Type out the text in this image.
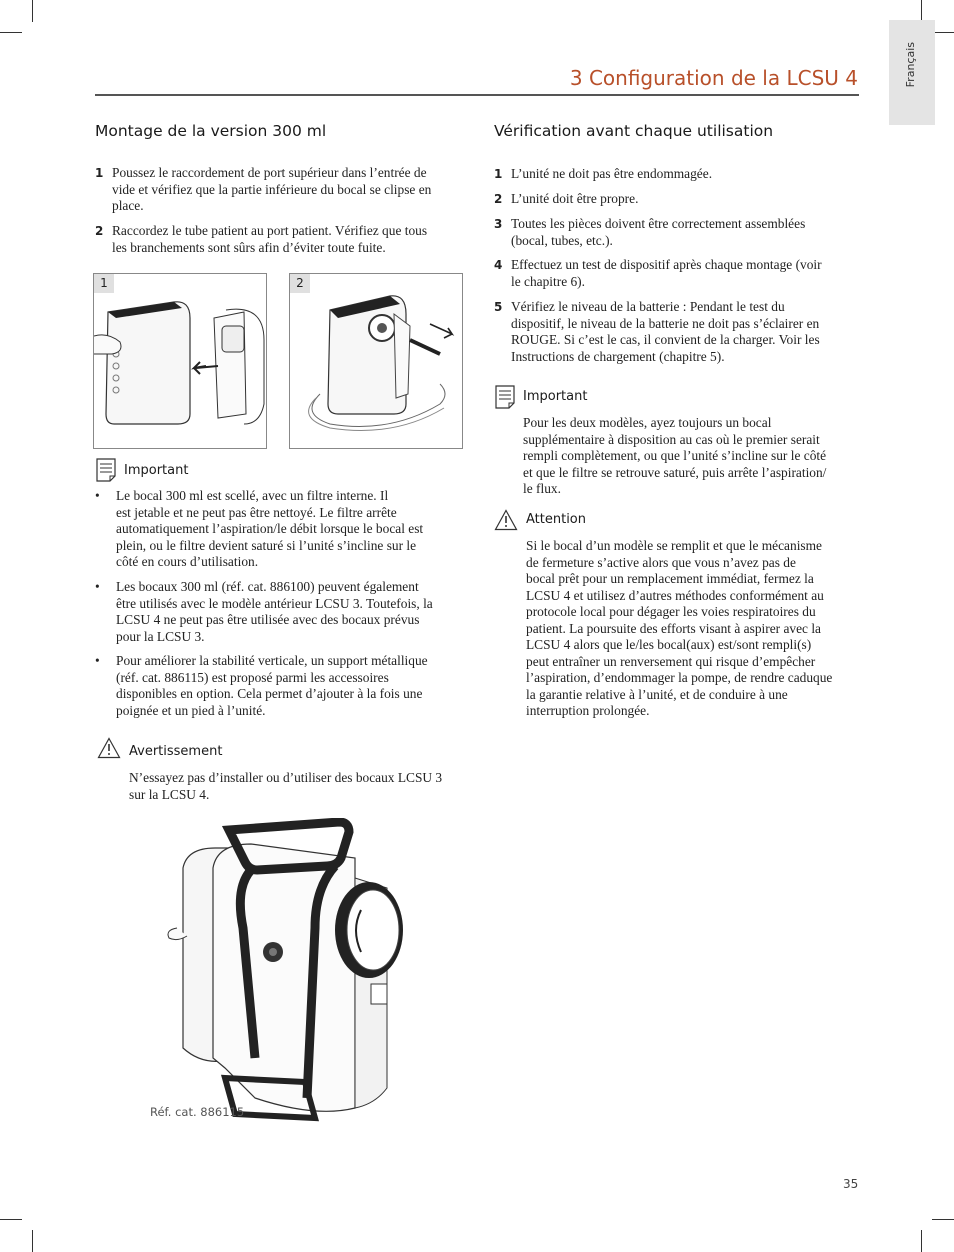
Français
3 Configuration de la LCSU 4
Montage de la version 300 ml
1 Poussez le raccordement de port supérieur dans l’entrée de
vide et vérifiez que la partie inférieure du bocal se clipse en
place.
2 Raccordez le tube patient au port patient. Vérifiez que tous
les branchements sont sûrs afin d’éviter toute fuite.
1	2
Important
• Le bocal 300 ml est scellé, avec un filtre interne. Il
est jetable et ne peut pas être nettoyé. Le filtre arrête
automatiquement l’aspiration/le débit lorsque le bocal est
plein, ou le filtre devient saturé si l’unité s’incline sur le
côté en cours d’utilisation.
• Les bocaux 300 ml (réf. cat. 886100) peuvent également
être utilisés avec le modèle antérieur LCSU 3. Toutefois, la
LCSU 4 ne peut pas être utilisée avec des bocaux prévus
pour la LCSU 3.
• Pour améliorer la stabilité verticale, un support métallique
(réf. cat. 886115) est proposé parmi les accessoires
disponibles en option. Cela permet d’ajouter à la fois une
poignée et un pied à l’unité.
Avertissement
N’essayez pas d’installer ou d’utiliser des bocaux LCSU 3
sur la LCSU 4.
Réf. cat. 886115
Vérification avant chaque utilisation
1 L’unité ne doit pas être endommagée.
2 L’unité doit être propre.
3 Toutes les pièces doivent être correctement assemblées
(bocal, tubes, etc.).
4 Effectuez un test de dispositif après chaque montage (voir
le chapitre 6).
5 Vérifiez le niveau de la batterie : Pendant le test du
dispositif, le niveau de la batterie ne doit pas s’éclairer en
ROUGE. Si c’est le cas, il convient de la charger. Voir les
Instructions de chargement (chapitre 5).
Important
Pour les deux modèles, ayez toujours un bocal
supplémentaire à disposition au cas où le premier serait
rempli complètement, ou que l’unité s’incline sur le côté
et que le filtre se retrouve saturé, puis arrête l’aspiration/
le flux.
Attention
Si le bocal d’un modèle se remplit et que le mécanisme
de fermeture s’active alors que vous n’avez pas de
bocal prêt pour un remplacement immédiat, fermez la
LCSU 4 et utilisez d’autres méthodes conformément au
protocole local pour dégager les voies respiratoires du
patient. La poursuite des efforts visant à aspirer avec la
LCSU 4 alors que le/les bocal(aux) est/sont rempli(s)
peut entraîner un renversement qui risque d’empêcher
l’aspiration, d’endommager la pompe, de rendre caduque
la garantie relative à l’unité, et de conduire à une
interruption prolongée.
35
